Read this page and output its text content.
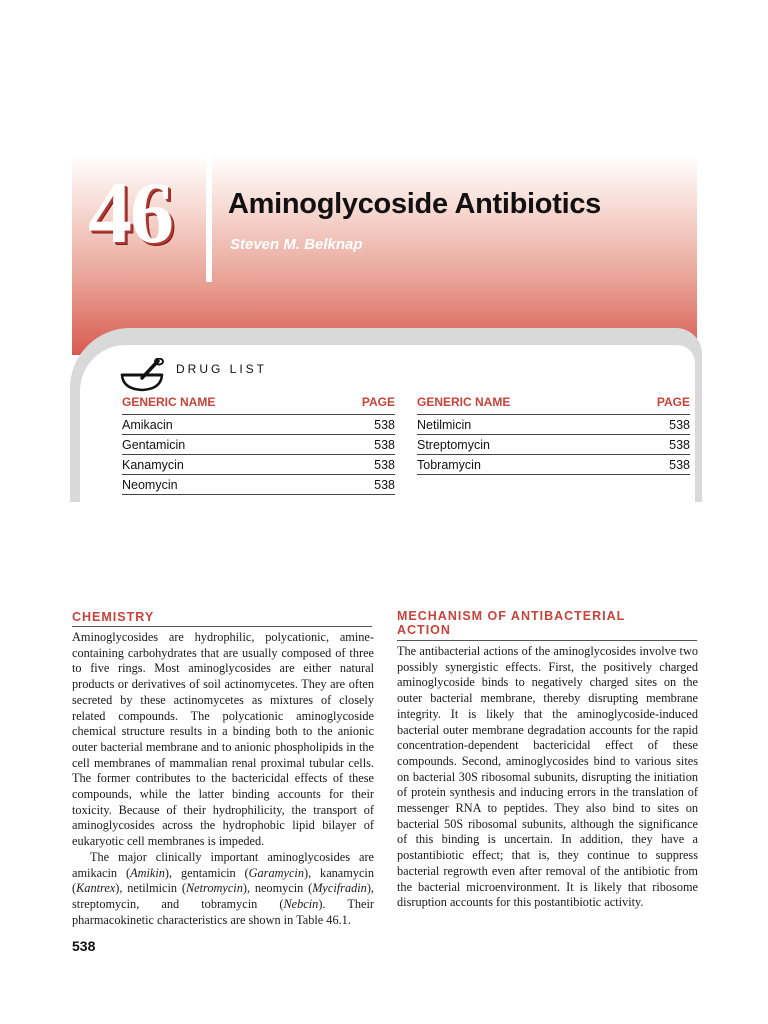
46 Aminoglycoside Antibiotics
Steven M. Belknap
DRUG LIST
GENERIC NAME	PAGE
Amikacin	538
Gentamicin	538
Kanamycin	538
Neomycin	538
GENERIC NAME	PAGE
Netilmicin	538
Streptomycin	538
Tobramycin	538
CHEMISTRY

Aminoglycosides are hydrophilic, polycationic, amine-containing carbohydrates that are usually composed of three to five rings. Most aminoglycosides are either natural products or derivatives of soil actinomycetes. They are often secreted by these actinomycetes as mixtures of closely related compounds. The polycationic aminoglycoside chemical structure results in a binding both to the anionic outer bacterial membrane and to anionic phospholipids in the cell membranes of mammalian renal proximal tubular cells. The former contributes to the bactericidal effects of these compounds, while the latter binding accounts for their toxicity. Because of their hydrophilicity, the transport of aminoglycosides across the hydrophobic lipid bilayer of eukaryotic cell membranes is impeded.

The major clinically important aminoglycosides are amikacin (Amikin), gentamicin (Garamycin), kanamycin (Kantrex), netilmicin (Netromycin), neomycin (Mycifradin), streptomycin, and tobramycin (Nebcin). Their pharmacokinetic characteristics are shown in Table 46.1.

MECHANISM OF ANTIBACTERIAL
ACTION

The antibacterial actions of the aminoglycosides involve two possibly synergistic effects. First, the positively charged aminoglycoside binds to negatively charged sites on the outer bacterial membrane, thereby disrupting membrane integrity. It is likely that the aminoglycoside-induced bacterial outer membrane degradation accounts for the rapid concentration-dependent bactericidal effect of these compounds. Second, aminoglycosides bind to various sites on bacterial 30S ribosomal subunits, disrupting the initiation of protein synthesis and inducing errors in the translation of messenger RNA to peptides. They also bind to sites on bacterial 50S ribosomal subunits, although the significance of this binding is uncertain. In addition, they have a postantibiotic effect; that is, they continue to suppress bacterial regrowth even after removal of the antibiotic from the bacterial microenvironment. It is likely that ribosome disruption accounts for this postantibiotic activity.

538
